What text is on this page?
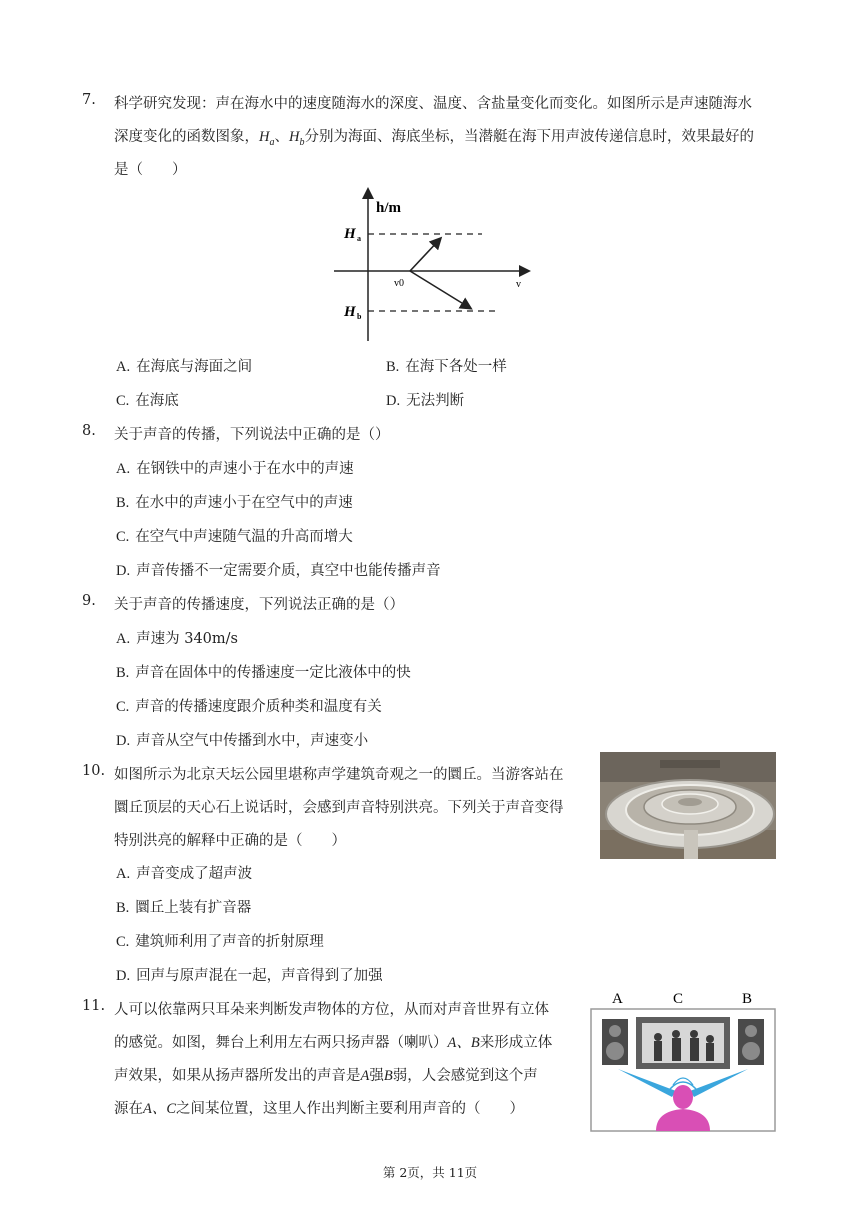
7. 科学研究发现：声在海水中的速度随海水的深度、温度、含盐量变化而变化。如图所示是声速随海水
深度变化的函数图象，$H_a$、$H_b$分别为海面、海底坐标，当潜艇在海下用声波传递信息时，效果最好的
是（　　）
h/m
H a
H b
v0	v
A. 在海底与海面之间	B. 在海下各处一样
C. 在海底	D. 无法判断
8. 关于声音的传播，下列说法中正确的是（）
A. 在钢铁中的声速小于在水中的声速
B. 在水中的声速小于在空气中的声速
C. 在空气中声速随气温的升高而增大
D. 声音传播不一定需要介质，真空中也能传播声音
9. 关于声音的传播速度，下列说法正确的是（）
A. 声速为 340m/s
B. 声音在固体中的传播速度一定比液体中的快
C. 声音的传播速度跟介质种类和温度有关
D. 声音从空气中传播到水中，声速变小
10. 如图所示为北京天坛公园里堪称声学建筑奇观之一的圜丘。当游客站在
圜丘顶层的天心石上说话时，会感到声音特别洪亮。下列关于声音变得
特别洪亮的解释中正确的是（　　）
A. 声音变成了超声波
B. 圜丘上装有扩音器
C. 建筑师利用了声音的折射原理
D. 回声与原声混在一起，声音得到了加强
11. 人可以依靠两只耳朵来判断发声物体的方位，从而对声音世界有立体
的感觉。如图，舞台上利用左右两只扬声器（喇叭）A、B来形成立体
声效果，如果从扬声器所发出的声音是A强B弱，人会感觉到这个声
源在A、C之间某位置，这里人作出判断主要利用声音的（　　）
A	C	B
第 2页，共 11页
